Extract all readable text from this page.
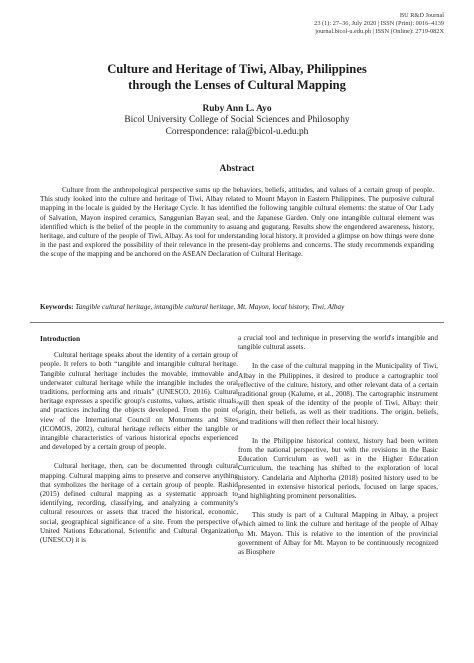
BU R&D Journal
23 (1): 27–36, July 2020 | ISSN (Print): 0016–4139
journal.bicol-u.edu.ph | ISSN (Online): 2719-082X
Culture and Heritage of Tiwi, Albay, Philippines
through the Lenses of Cultural Mapping
Ruby Ann L. Ayo
Bicol University College of Social Sciences and Philosophy
Correspondence: rala@bicol-u.edu.ph
Abstract

Culture from the anthropological perspective sums up the behaviors, beliefs, attitudes, and values of a certain group of people. This study looked into the culture and heritage of Tiwi, Albay related to Mount Mayon in Eastern Philippines. The purposive cultural mapping in the locale is guided by the Heritage Cycle. It has identified the following tangible cultural elements: the statue of Our Lady of Salvation, Mayon inspired ceramics, Sanggunian Bayan seal, and the Japanese Garden. Only one intangible cultural element was identified which is the belief of the people in the community to asuang and gugurang. Results show the engendered awareness, history, heritage, and culture of the people of Tiwi, Albay. As tool for understanding local history, it provided a glimpse on how things were done in the past and explored the possibility of their relevance in the present-day problems and concerns. The study recommends expanding the scope of the mapping and be anchored on the ASEAN Declaration of Cultural Heritage.

Keywords: Tangible cultural heritage, intangible cultural heritage, Mt. Mayon, local history, Tiwi, Albay
Introduction

Cultural heritage speaks about the identity of a certain group of people. It refers to both “tangible and intangible cultural heritage. Tangible cultural heritage includes the movable, immovable and underwater cultural heritage while the intangible includes the oral traditions, performing arts and rituals” (UNESCO, 2016). Cultural heritage expresses a specific group's customs, values, artistic rituals, and practices including the objects developed. From the point of view of the International Council on Monuments and Sites (ICOMOS, 2002), cultural heritage reflects either the tangible or intangible characteristics of various historical epochs experienced and developed by a certain group of people.

Cultural heritage, then, can be documented through cultural mapping. Cultural mapping aims to preserve and conserve anything that symbolizes the heritage of a certain group of people. Rashid (2015) defined cultural mapping as a systematic approach to identifying, recording, classifying, and analyzing a community's cultural resources or assets that traced the historical, economic, social, geographical significance of a site. From the perspective of United Nations Educational, Scientific and Cultural Organization (UNESCO) it is

a crucial tool and technique in preserving the world's intangible and tangible cultural assets.

In the case of the cultural mapping in the Municipality of Tiwi, Albay in the Philippines, it desired to produce a cartographic tool reflective of the culture, history, and other relevant data of a certain traditional group (Kalume, et al., 2008). The cartographic instrument will then speak of the identity of the people of Tiwi, Albay: their origin, their beliefs, as well as their traditions. The origin, beliefs, and traditions will then reflect their local history.

In the Philippine historical context, history had been written from the national perspective, but with the revisions in the Basic Education Curriculum as well as in the Higher Education Curriculum, the teaching has shifted to the exploration of local history. Candelaria and Alphorha (2018) posited history used to be presented in extensive historical periods, focused on large spaces, and highlighting prominent personalities.

This study is part of a Cultural Mapping in Albay, a project which aimed to link the culture and heritage of the people of Albay to Mt. Mayon. This is relative to the intention of the provincial government of Albay for Mt. Mayon to be continuously recognized as Biosphere
